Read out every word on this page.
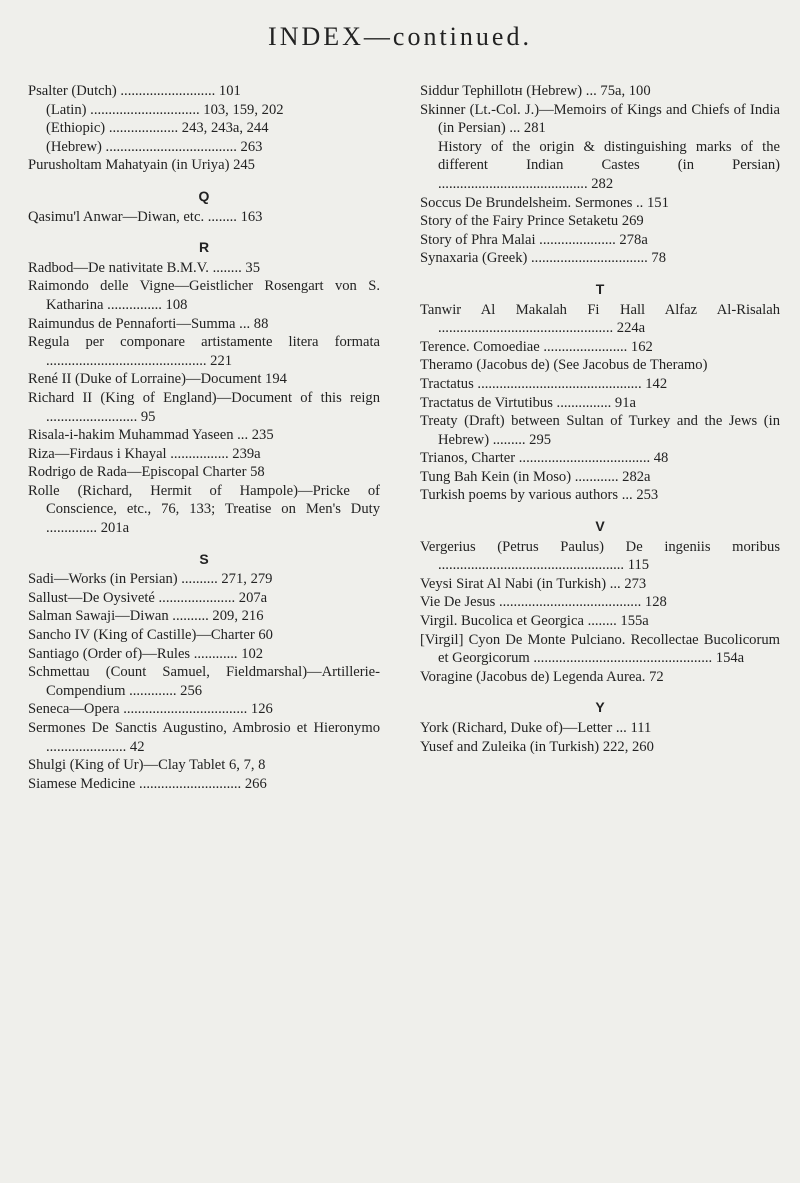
INDEX—continued.
Psalter (Dutch) .......................... 101
(Latin) .............................. 103, 159, 202
(Ethiopic) ................... 243, 243a, 244
(Hebrew) .................................... 263
Purusholtam Mahatyain (in Uriya) 245
Q
Qasimu'l Anwar—Diwan, etc. ........ 163
R
Radbod—De nativitate B.M.V. ........ 35
Raimondo delle Vigne—Geistlicher Rosengart von S. Katharina ............... 108
Raimundus de Pennaforti—Summa ... 88
Regula per componare artistamente litera formata ............................................ 221
René II (Duke of Lorraine)—Document 194
Richard II (King of England)—Document of this reign ......................... 95
Risala-i-hakim Muhammad Yaseen ... 235
Riza—Firdaus i Khayal ................ 239a
Rodrigo de Rada—Episcopal Charter 58
Rolle (Richard, Hermit of Hampole)—Pricke of Conscience, etc., 76, 133; Treatise on Men's Duty .............. 201a
S
Sadi—Works (in Persian) .......... 271, 279
Sallust—De Oysiveté ..................... 207a
Salman Sawaji—Diwan .......... 209, 216
Sancho IV (King of Castille)—Charter 60
Santiago (Order of)—Rules ............ 102
Schmettau (Count Samuel, Fieldmarshal)—Artillerie-Compendium ............. 256
Seneca—Opera .................................. 126
Sermones De Sanctis Augustino, Ambrosio et Hieronymo ...................... 42
Shulgi (King of Ur)—Clay Tablet 6, 7, 8
Siamese Medicine ............................ 266
Siddur Tephillotн (Hebrew) ... 75a, 100
Skinner (Lt.-Col. J.)—Memoirs of Kings and Chiefs of India (in Persian) ... 281
History of the origin & distinguishing marks of the different Indian Castes (in Persian) ......................................... 282
Soccus De Brundelsheim. Sermones .. 151
Story of the Fairy Prince Setaketu 269
Story of Phra Malai ..................... 278a
Synaxaria (Greek) ................................ 78
T
Tanwir Al Makalah Fi Hall Alfaz Al-Risalah ................................................ 224a
Terence. Comoediae ....................... 162
Theramo (Jacobus de) (See Jacobus de Theramo)
Tractatus ............................................. 142
Tractatus de Virtutibus ............... 91a
Treaty (Draft) between Sultan of Turkey and the Jews (in Hebrew) ......... 295
Trianos, Charter .................................... 48
Tung Bah Kein (in Moso) ............ 282a
Turkish poems by various authors ... 253
V
Vergerius (Petrus Paulus) De ingeniis moribus ................................................... 115
Veysi Sirat Al Nabi (in Turkish) ... 273
Vie De Jesus ....................................... 128
Virgil. Bucolica et Georgica ........ 155a
[Virgil] Cyon De Monte Pulciano. Recollectae Bucolicorum et Georgicorum ................................................. 154a
Voragine (Jacobus de) Legenda Aurea. 72
Y
York (Richard, Duke of)—Letter ... 111
Yusef and Zuleika (in Turkish) 222, 260
